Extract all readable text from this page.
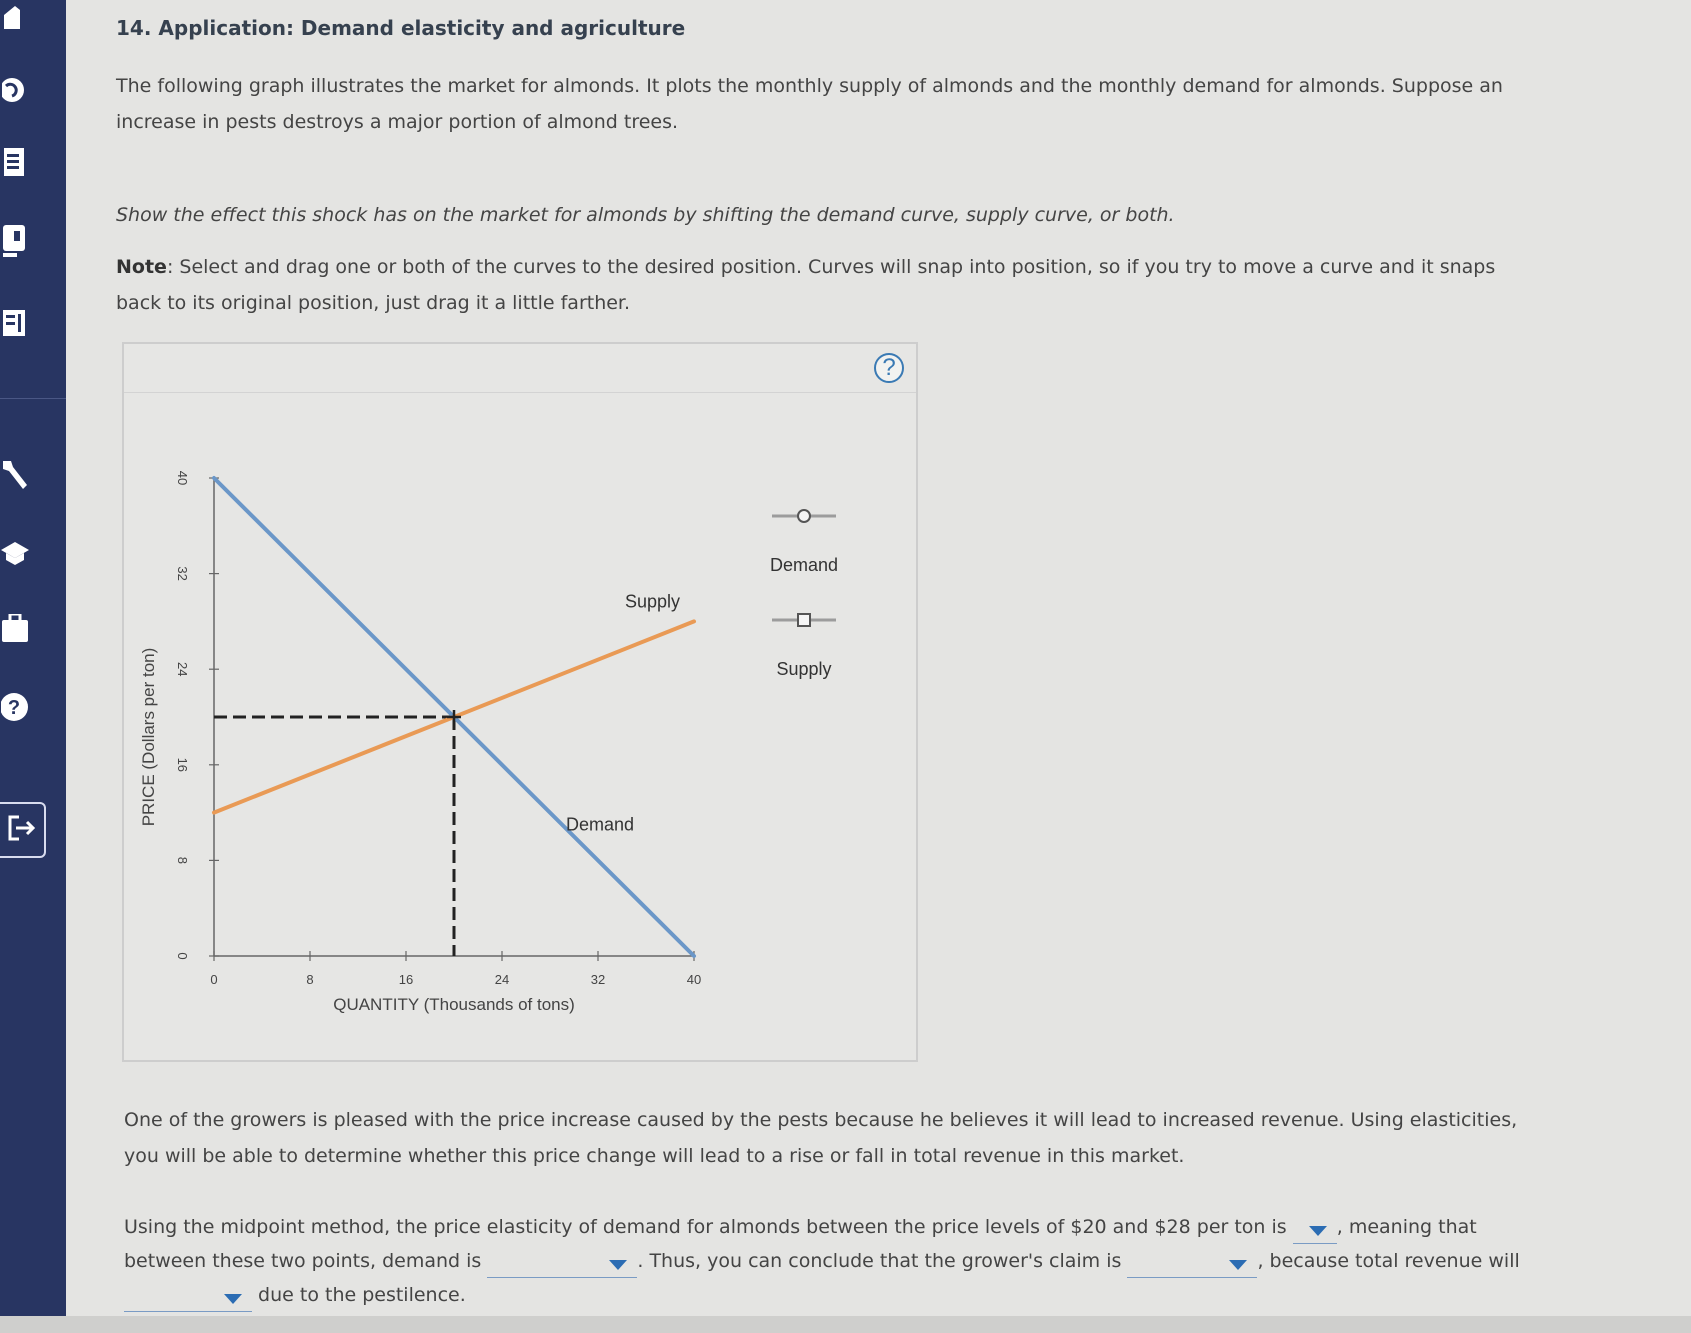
?
14. Application: Demand elasticity and agriculture

The following graph illustrates the market for almonds. It plots the monthly supply of almonds and the monthly demand for almonds. Suppose an increase in pests destroys a major portion of almond trees.

Show the effect this shock has on the market for almonds by shifting the demand curve, supply curve, or both.

Note: Select and drag one or both of the curves to the desired position. Curves will snap into position, so if you try to move a curve and it snaps back to its original position, just drag it a little farther.

?
0	8	16	24	32	40
0
8
16
24
32
40
QUANTITY (Thousands of tons)
PRICE (Dollars per ton)	Demand
Supply
Demand
Supply

One of the growers is pleased with the price increase caused by the pests because he believes it will lead to increased revenue. Using elasticities, you will be able to determine whether this price change will lead to a rise or fall in total revenue in this market.

Using the midpoint method, the price elasticity of demand for almonds between the price levels of $20 and $28 per ton is	, meaning that between these two points, demand is	. Thus, you can conclude that the grower's claim is	, because total revenue will
due to the pestilence.
